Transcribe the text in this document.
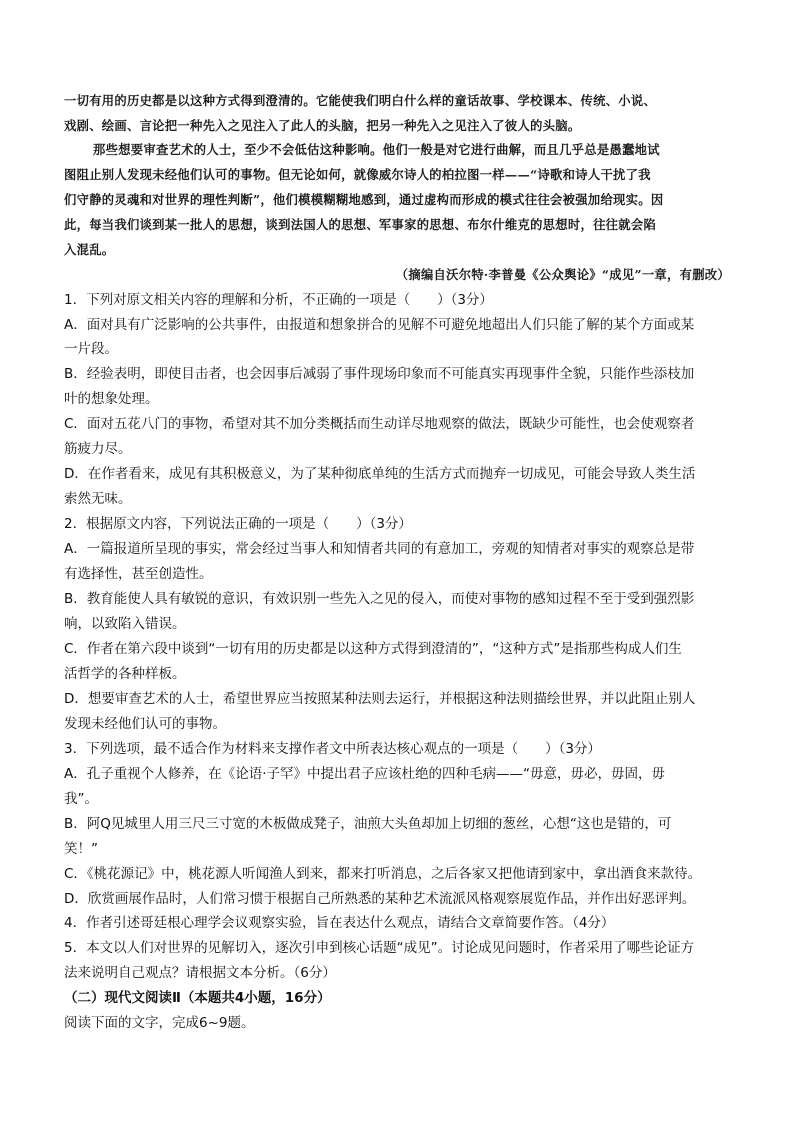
一切有用的历史都是以这种方式得到澄清的。它能使我们明白什么样的童话故事、学校课本、传统、小说、
戏剧、绘画、言论把一种先入之见注入了此人的头脑，把另一种先入之见注入了彼人的头脑。
那些想要审查艺术的人士，至少不会低估这种影响。他们一般是对它进行曲解，而且几乎总是愚蠢地试
图阻止别人发现未经他们认可的事物。但无论如何，就像威尔诗人的柏拉图一样——“诗歌和诗人干扰了我
们守静的灵魂和对世界的理性判断”，他们模模糊糊地感到，通过虚构而形成的模式往往会被强加给现实。因
此，每当我们谈到某一批人的思想，谈到法国人的思想、军事家的思想、布尔什维克的思想时，往往就会陷
入混乱。
（摘编自沃尔特·李普曼《公众舆论》“成见”一章，有删改）
1．下列对原文相关内容的理解和分析，不正确的一项是（　　）（3分）
A．面对具有广泛影响的公共事件，由报道和想象拼合的见解不可避免地超出人们只能了解的某个方面或某
一片段。
B．经验表明，即使目击者，也会因事后减弱了事件现场印象而不可能真实再现事件全貌，只能作些添枝加
叶的想象处理。
C．面对五花八门的事物，希望对其不加分类概括而生动详尽地观察的做法，既缺少可能性，也会使观察者
筋疲力尽。
D．在作者看来，成见有其积极意义，为了某种彻底单纯的生活方式而抛弃一切成见，可能会导致人类生活
索然无味。
2．根据原文内容，下列说法正确的一项是（　　）（3分）
A．一篇报道所呈现的事实，常会经过当事人和知情者共同的有意加工，旁观的知情者对事实的观察总是带
有选择性，甚至创造性。
B．教育能使人具有敏锐的意识，有效识别一些先入之见的侵入，而使对事物的感知过程不至于受到强烈影
响，以致陷入错误。
C．作者在第六段中谈到“一切有用的历史都是以这种方式得到澄清的”，“这种方式”是指那些构成人们生
活哲学的各种样板。
D．想要审查艺术的人士，希望世界应当按照某种法则去运行，并根据这种法则描绘世界，并以此阻止别人
发现未经他们认可的事物。
3．下列选项，最不适合作为材料来支撑作者文中所表达核心观点的一项是（　　）（3分）
A．孔子重视个人修养，在《论语·子罕》中提出君子应该杜绝的四种毛病——“毋意，毋必，毋固，毋
我”。
B．阿Q见城里人用三尺三寸宽的木板做成凳子，油煎大头鱼却加上切细的葱丝，心想“这也是错的，可
笑！”
C．《桃花源记》中，桃花源人听闻渔人到来，都来打听消息，之后各家又把他请到家中，拿出酒食来款待。
D．欣赏画展作品时，人们常习惯于根据自己所熟悉的某种艺术流派风格观察展览作品，并作出好恶评判。
4．作者引述哥廷根心理学会议观察实验，旨在表达什么观点，请结合文章简要作答。（4分）
5．本文以人们对世界的见解切入，逐次引申到核心话题“成见”。讨论成见问题时，作者采用了哪些论证方
法来说明自己观点？请根据文本分析。（6分）
（二）现代文阅读Ⅱ（本题共4小题，16分）
阅读下面的文字，完成6~9题。
